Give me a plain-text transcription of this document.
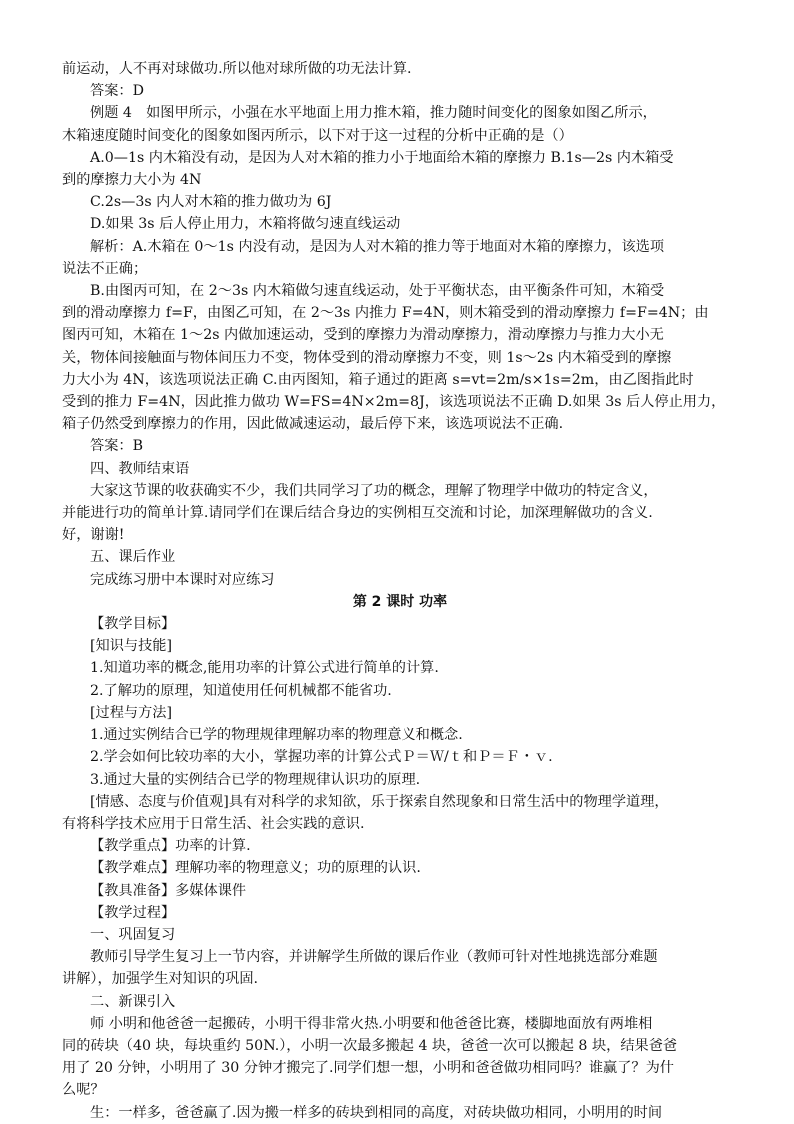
前运动，人不再对球做功.所以他对球所做的功无法计算.
答案：D
例题 4　如图甲所示，小强在水平地面上用力推木箱，推力随时间变化的图象如图乙所示，
木箱速度随时间变化的图象如图丙所示，以下对于这一过程的分析中正确的是（）
A.0—1s 内木箱没有动，是因为人对木箱的推力小于地面给木箱的摩擦力 B.1s—2s 内木箱受
到的摩擦力大小为 4N
C.2s—3s 内人对木箱的推力做功为 6J
D.如果 3s 后人停止用力，木箱将做匀速直线运动
解析：A.木箱在 0～1s 内没有动，是因为人对木箱的推力等于地面对木箱的摩擦力，该选项
说法不正确；
B.由图丙可知，在 2～3s 内木箱做匀速直线运动，处于平衡状态，由平衡条件可知，木箱受
到的滑动摩擦力 f=F，由图乙可知，在 2～3s 内推力 F=4N，则木箱受到的滑动摩擦力 f=F=4N；由
图丙可知，木箱在 1～2s 内做加速运动，受到的摩擦力为滑动摩擦力，滑动摩擦力与推力大小无
关，物体间接触面与物体间压力不变，物体受到的滑动摩擦力不变，则 1s～2s 内木箱受到的摩擦
力大小为 4N，该选项说法正确 C.由丙图知，箱子通过的距离 s=vt=2m/s×1s=2m，由乙图指此时
受到的推力 F=4N，因此推力做功 W=FS=4N×2m=8J，该选项说法不正确 D.如果 3s 后人停止用力，
箱子仍然受到摩擦力的作用，因此做减速运动，最后停下来，该选项说法不正确.
答案：B
四、教师结束语
大家这节课的收获确实不少，我们共同学习了功的概念，理解了物理学中做功的特定含义，
并能进行功的简单计算.请同学们在课后结合身边的实例相互交流和讨论，加深理解做功的含义.
好，谢谢!
五、课后作业
完成练习册中本课时对应练习
第 2 课时 功率
【教学目标】
[知识与技能]
1.知道功率的概念,能用功率的计算公式进行简单的计算.
2.了解功的原理，知道使用任何机械都不能省功.
[过程与方法]
1.通过实例结合已学的物理规律理解功率的物理意义和概念.
2.学会如何比较功率的大小，掌握功率的计算公式Ｐ＝Ｗ/ｔ和Ｐ＝Ｆ・ｖ.
3.通过大量的实例结合已学的物理规律认识功的原理.
[情感、态度与价值观]具有对科学的求知欲，乐于探索自然现象和日常生活中的物理学道理，
有将科学技术应用于日常生活、社会实践的意识.
【教学重点】功率的计算.
【教学难点】理解功率的物理意义；功的原理的认识.
【教具准备】多媒体课件
【教学过程】
一、巩固复习
教师引导学生复习上一节内容，并讲解学生所做的课后作业（教师可针对性地挑选部分难题
讲解），加强学生对知识的巩固.
二、新课引入
师 小明和他爸爸一起搬砖，小明干得非常火热.小明要和他爸爸比赛，楼脚地面放有两堆相
同的砖块（40 块，每块重约 50N.），小明一次最多搬起 4 块，爸爸一次可以搬起 8 块，结果爸爸
用了 20 分钟，小明用了 30 分钟才搬完了.同学们想一想，小明和爸爸做功相同吗？谁赢了？为什
么呢？
生：一样多，爸爸赢了.因为搬一样多的砖块到相同的高度，对砖块做功相同，小明用的时间
